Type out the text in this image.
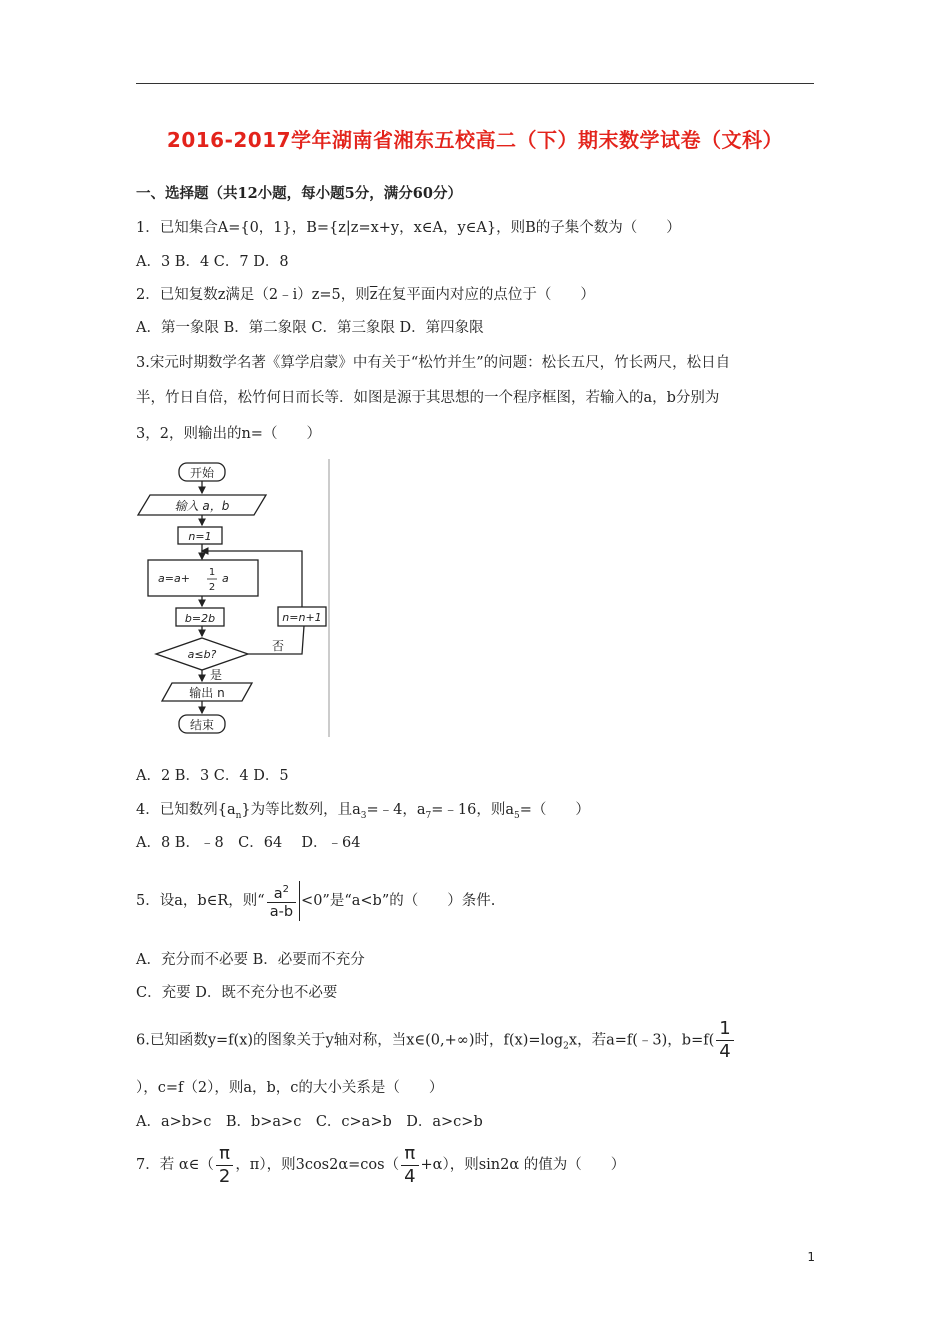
2016-2017学年湖南省湘东五校高二（下）期末数学试卷（文科）
一、选择题（共12小题，每小题5分，满分60分）
1．已知集合A={0，1}，B={z|z=x+y，x∈A，y∈A}，则B的子集个数为（　　）
A．3 B．4 C．7 D．8
2．已知复数z满足（2﹣i）z=5，则$\overline{z}$在复平面内对应的点位于（　　）
A．第一象限 B．第二象限 C．第三象限 D．第四象限
3.宋元时期数学名著《算学启蒙》中有关于“松竹并生”的问题：松长五尺，竹长两尺，松日自
半，竹日自倍，松竹何日而长等．如图是源于其思想的一个程序框图，若输入的a，b分别为
3，2，则输出的n=（　　）
开始
输入 a，b
n=1
a=a+ 1
2
a
b=2b
a≤b?
否
是
n=n+1
输出 n
结束
A．2 B．3 C．4 D．5
4．已知数列$\{a_n\}$为等比数列，且$a_3=﹣4$，$a_7=﹣16$，则$a_5=$（　　）
A．8 B．﹣8　C．64　 D．﹣64
5．设a，b∈R，则“ $\frac{a^2}{a-b} <0$”是“a<b”的（　　）条件.
A．充分而不必要 B．必要而不充分
C．充要 D．既不充分也不必要
6.已知函数y=f(x)的图象关于y轴对称，当x∈(0,+∞)时，$f(x)=\log_2x$，若a=f(﹣3)，$b=f( \frac{1}{4}$
），c=f（2），则a，b，c的大小关系是（　　）
A．a>b>c　B．b>a>c　C．c>a>b　D．a>c>b
7．若 α∈（ $\frac{\pi}{2}$ ，π），则$3\cos 2\alpha=\cos( \frac{\pi}{4} +\alpha)$，则sin2α 的值为（　　）
1
